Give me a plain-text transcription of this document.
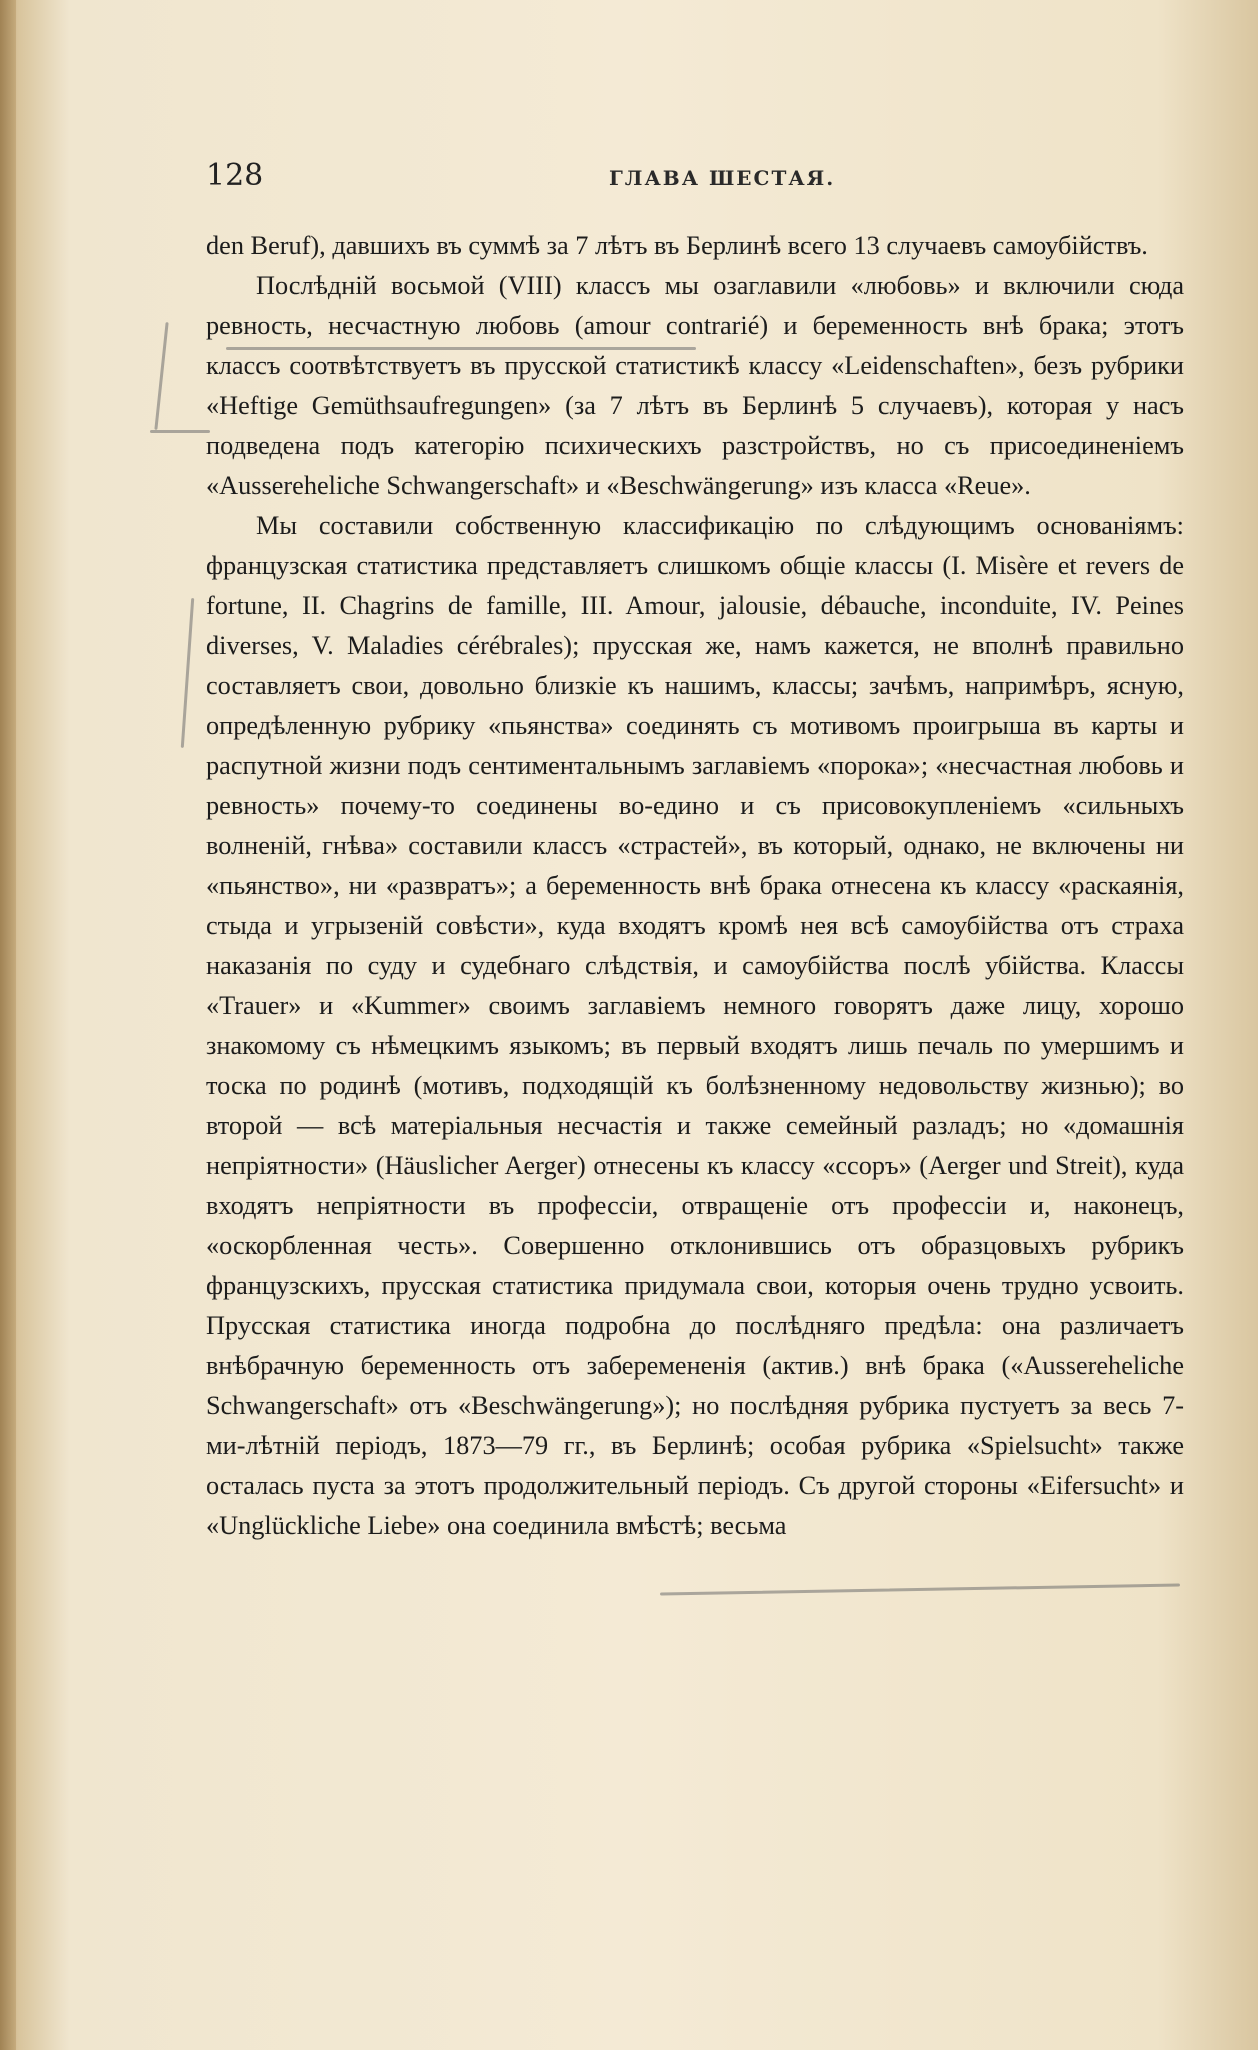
128	ГЛАВА ШЕСТАЯ.

den Beruf), давшихъ въ суммѣ за 7 лѣтъ въ Берлинѣ всего 13 случаевъ самоубійствъ.

Послѣдній восьмой (VIII) классъ мы озаглавили «любовь» и включили сюда ревность, несчастную любовь (amour contrarié) и беременность внѣ брака; этотъ классъ соотвѣтствуетъ въ прусской статистикѣ классу «Leidenschaften», безъ рубрики «Heftige Gemüthsaufregungen» (за 7 лѣтъ въ Берлинѣ 5 случаевъ), которая у насъ подведена подъ категорію психическихъ разстройствъ, но съ присоединеніемъ «Aussereheliche Schwangerschaft» и «Beschwängerung» изъ класса «Reue».

Мы составили собственную классификацію по слѣдующимъ основаніямъ: французская статистика представляетъ слишкомъ общіе классы (I. Misère et revers de fortune, II. Chagrins de famille, III. Amour, jalousie, débauche, inconduite, IV. Peines diverses, V. Maladies cérébrales); прусская же, намъ кажется, не вполнѣ правильно составляетъ свои, довольно близкіе къ нашимъ, классы; зачѣмъ, напримѣръ, ясную, опредѣленную рубрику «пьянства» соединять съ мотивомъ проигрыша въ карты и распутной жизни подъ сентиментальнымъ заглавіемъ «порока»; «несчастная любовь и ревность» почему-то соединены во-едино и съ присовокупленіемъ «сильныхъ волненій, гнѣва» составили классъ «страстей», въ который, однако, не включены ни «пьянство», ни «развратъ»; а беременность внѣ брака отнесена къ классу «раскаянія, стыда и угрызеній совѣсти», куда входятъ кромѣ нея всѣ самоубійства отъ страха наказанія по суду и судебнаго слѣдствія, и самоубійства послѣ убійства. Классы «Trauer» и «Kummer» своимъ заглавіемъ немного говорятъ даже лицу, хорошо знакомому съ нѣмецкимъ языкомъ; въ первый входятъ лишь печаль по умершимъ и тоска по родинѣ (мотивъ, подходящій къ болѣзненному недовольству жизнью); во второй — всѣ матеріальныя несчастія и также семейный разладъ; но «домашнія непріятности» (Häuslicher Aerger) отнесены къ классу «ссоръ» (Aerger und Streit), куда входятъ непріятности въ профессіи, отвращеніе отъ профессіи и, наконецъ, «оскорбленная честь». Совершенно отклонившись отъ образцовыхъ рубрикъ французскихъ, прусская статистика придумала свои, которыя очень трудно усвоить. Прусская статистика иногда подробна до послѣдняго предѣла: она различаетъ внѣбрачную беременность отъ заберемененія (актив.) внѣ брака («Aussereheliche Schwangerschaft» отъ «Beschwängerung»); но послѣдняя рубрика пустуетъ за весь 7-ми-лѣтній періодъ, 1873—79 гг., въ Берлинѣ; особая рубрика «Spielsucht» также осталась пуста за этотъ продолжительный періодъ. Съ другой стороны «Eifersucht» и «Unglückliche Liebe» она соединила вмѣстѣ; весьма
